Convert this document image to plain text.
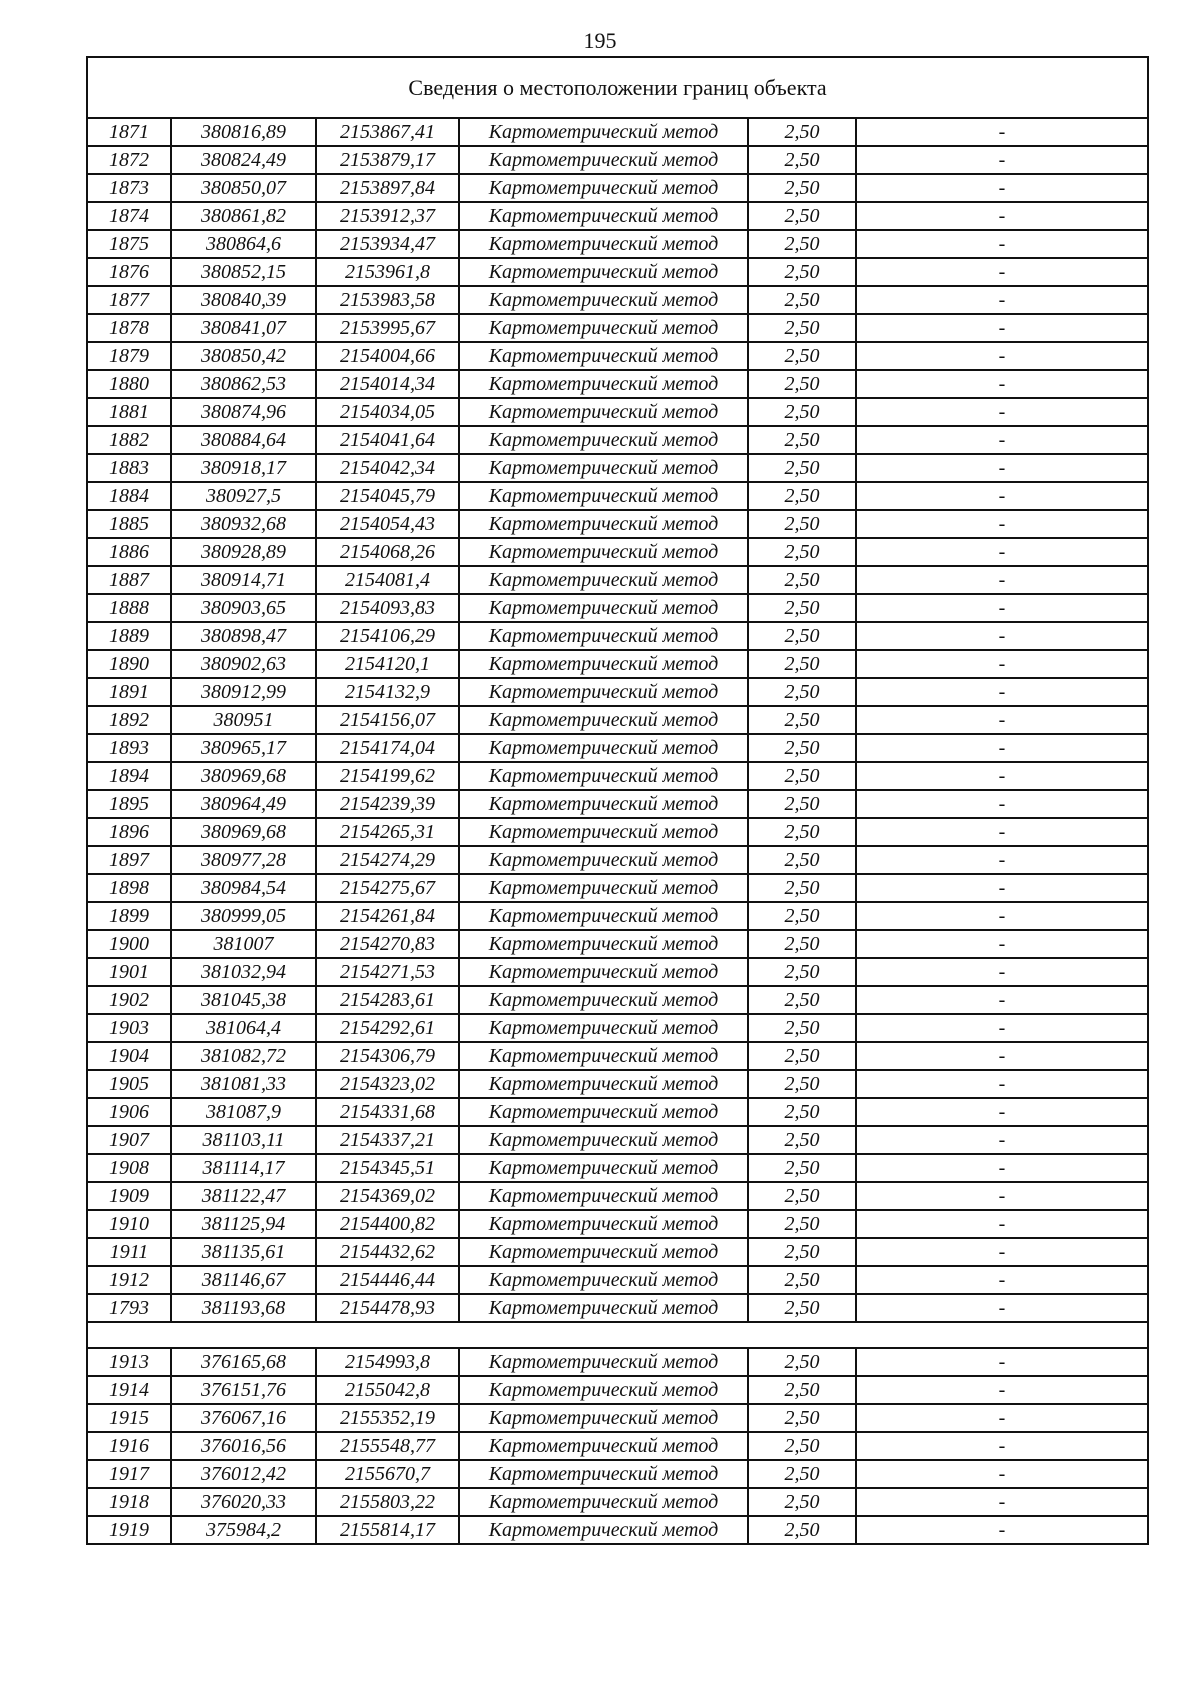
195
Сведения о местоположении границ объекта					
1871	380816,89	2153867,41	Картометрический метод	2,50	-
1872	380824,49	2153879,17	Картометрический метод	2,50	-
1873	380850,07	2153897,84	Картометрический метод	2,50	-
1874	380861,82	2153912,37	Картометрический метод	2,50	-
1875	380864,6	2153934,47	Картометрический метод	2,50	-
1876	380852,15	2153961,8	Картометрический метод	2,50	-
1877	380840,39	2153983,58	Картометрический метод	2,50	-
1878	380841,07	2153995,67	Картометрический метод	2,50	-
1879	380850,42	2154004,66	Картометрический метод	2,50	-
1880	380862,53	2154014,34	Картометрический метод	2,50	-
1881	380874,96	2154034,05	Картометрический метод	2,50	-
1882	380884,64	2154041,64	Картометрический метод	2,50	-
1883	380918,17	2154042,34	Картометрический метод	2,50	-
1884	380927,5	2154045,79	Картометрический метод	2,50	-
1885	380932,68	2154054,43	Картометрический метод	2,50	-
1886	380928,89	2154068,26	Картометрический метод	2,50	-
1887	380914,71	2154081,4	Картометрический метод	2,50	-
1888	380903,65	2154093,83	Картометрический метод	2,50	-
1889	380898,47	2154106,29	Картометрический метод	2,50	-
1890	380902,63	2154120,1	Картометрический метод	2,50	-
1891	380912,99	2154132,9	Картометрический метод	2,50	-
1892	380951	2154156,07	Картометрический метод	2,50	-
1893	380965,17	2154174,04	Картометрический метод	2,50	-
1894	380969,68	2154199,62	Картометрический метод	2,50	-
1895	380964,49	2154239,39	Картометрический метод	2,50	-
1896	380969,68	2154265,31	Картометрический метод	2,50	-
1897	380977,28	2154274,29	Картометрический метод	2,50	-
1898	380984,54	2154275,67	Картометрический метод	2,50	-
1899	380999,05	2154261,84	Картометрический метод	2,50	-
1900	381007	2154270,83	Картометрический метод	2,50	-
1901	381032,94	2154271,53	Картометрический метод	2,50	-
1902	381045,38	2154283,61	Картометрический метод	2,50	-
1903	381064,4	2154292,61	Картометрический метод	2,50	-
1904	381082,72	2154306,79	Картометрический метод	2,50	-
1905	381081,33	2154323,02	Картометрический метод	2,50	-
1906	381087,9	2154331,68	Картометрический метод	2,50	-
1907	381103,11	2154337,21	Картометрический метод	2,50	-
1908	381114,17	2154345,51	Картометрический метод	2,50	-
1909	381122,47	2154369,02	Картометрический метод	2,50	-
1910	381125,94	2154400,82	Картометрический метод	2,50	-
1911	381135,61	2154432,62	Картометрический метод	2,50	-
1912	381146,67	2154446,44	Картометрический метод	2,50	-
1793	381193,68	2154478,93	Картометрический метод	2,50	-

1913	376165,68	2154993,8	Картометрический метод	2,50	-
1914	376151,76	2155042,8	Картометрический метод	2,50	-
1915	376067,16	2155352,19	Картометрический метод	2,50	-
1916	376016,56	2155548,77	Картометрический метод	2,50	-
1917	376012,42	2155670,7	Картометрический метод	2,50	-
1918	376020,33	2155803,22	Картометрический метод	2,50	-
1919	375984,2	2155814,17	Картометрический метод	2,50	-
